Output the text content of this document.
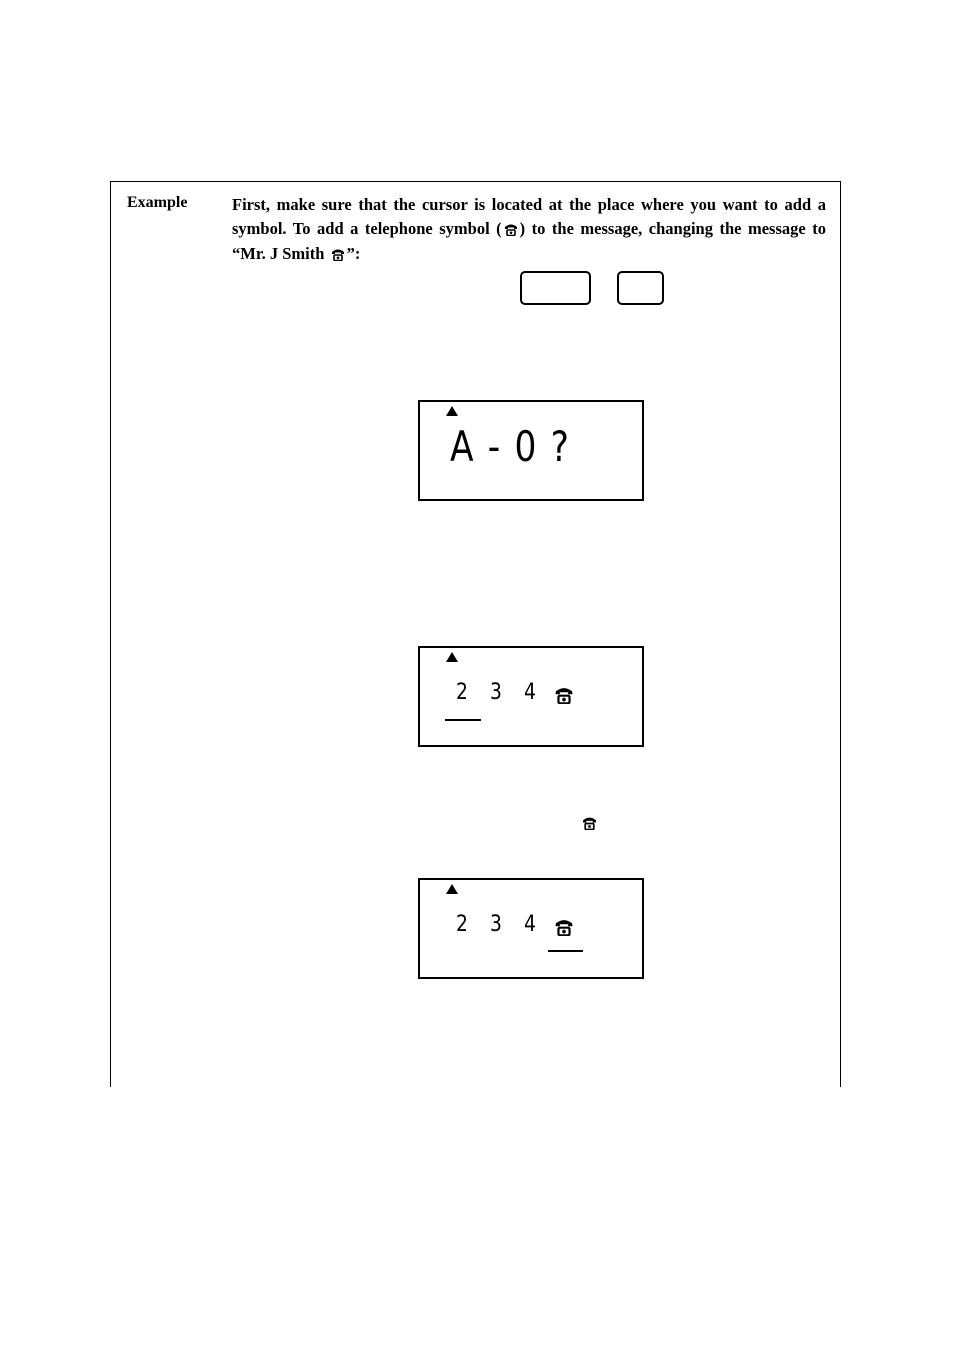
Example	First, make sure that the cursor is located at the place where you want to add a symbol. To add a telephone symbol ( ) to the message, changing the message to “Mr. J Smith ”:
A - 0 ?
2 3 4
2 3 4
